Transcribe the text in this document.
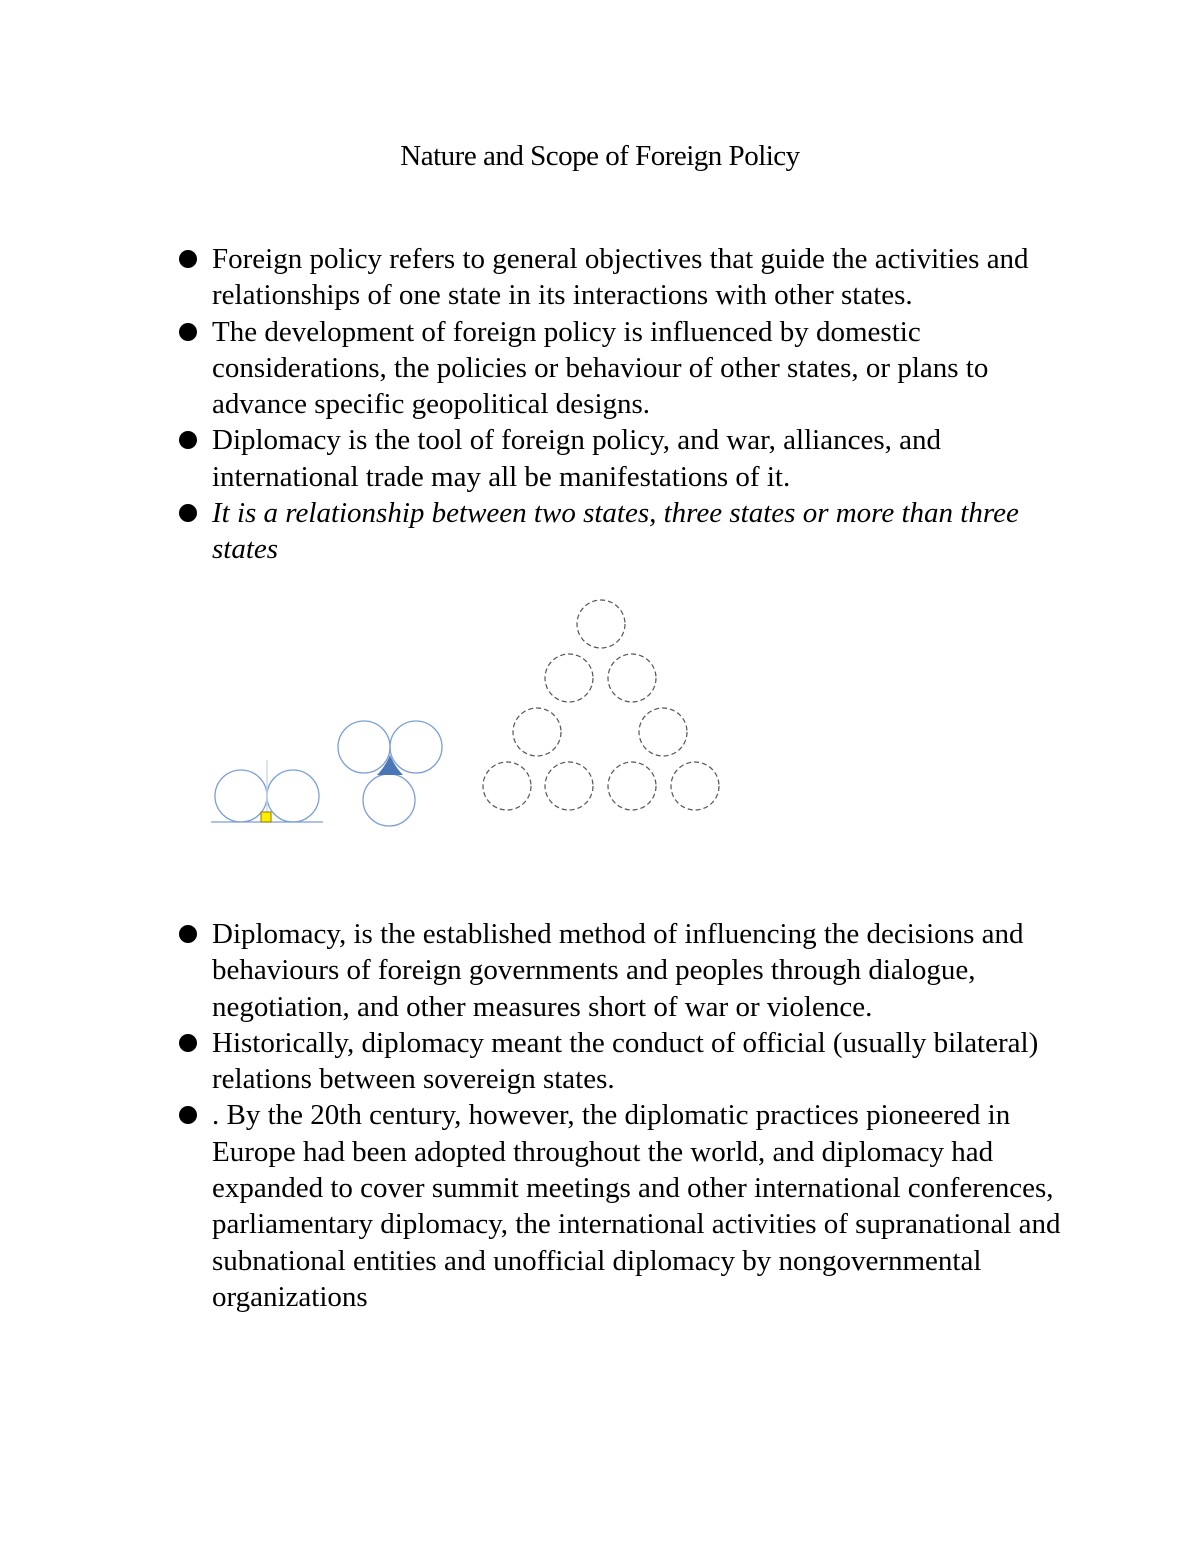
Nature and Scope of Foreign Policy
Foreign policy refers to general objectives that guide the activities and relationships of one state in its interactions with other states.
The development of foreign policy is influenced by domestic considerations, the policies or behaviour of other states, or plans to advance specific geopolitical designs.
Diplomacy is the tool of foreign policy, and war, alliances, and international trade may all be manifestations of it.
It is a relationship between two states, three states or more than three states
Diplomacy, is the established method of influencing the decisions and behaviours of foreign governments and peoples through dialogue, negotiation, and other measures short of war or violence.
Historically, diplomacy meant the conduct of official (usually bilateral) relations between sovereign states.
. By the 20th century, however, the diplomatic practices pioneered in Europe had been adopted throughout the world, and diplomacy had expanded to cover summit meetings and other international conferences, parliamentary diplomacy, the international activities of supranational and subnational entities and unofficial diplomacy by nongovernmental organizations
